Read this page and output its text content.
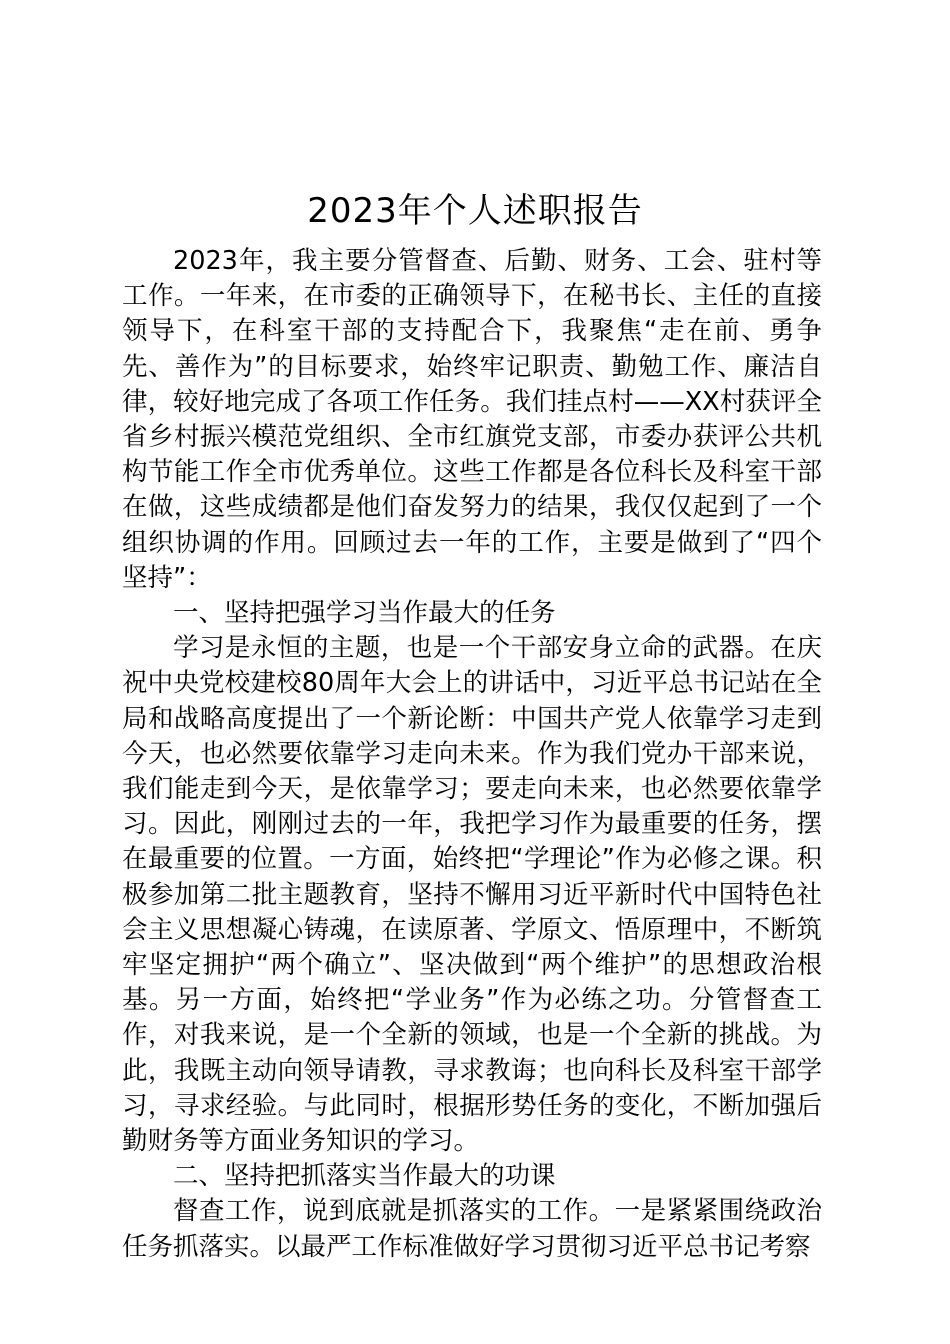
2023年个人述职报告

2023年，我主要分管督查、后勤、财务、工会、驻村等工作。一年来，在市委的正确领导下，在秘书长、主任的直接领导下，在科室干部的支持配合下，我聚焦“走在前、勇争先、善作为”的目标要求，始终牢记职责、勤勉工作、廉洁自律，较好地完成了各项工作任务。我们挂点村——XX村获评全省乡村振兴模范党组织、全市红旗党支部，市委办获评公共机构节能工作全市优秀单位。这些工作都是各位科长及科室干部在做，这些成绩都是他们奋发努力的结果，我仅仅起到了一个组织协调的作用。回顾过去一年的工作，主要是做到了“四个坚持”：

一、坚持把强学习当作最大的任务

学习是永恒的主题，也是一个干部安身立命的武器。在庆祝中央党校建校80周年大会上的讲话中，习近平总书记站在全局和战略高度提出了一个新论断：中国共产党人依靠学习走到今天，也必然要依靠学习走向未来。作为我们党办干部来说，我们能走到今天，是依靠学习；要走向未来，也必然要依靠学习。因此，刚刚过去的一年，我把学习作为最重要的任务，摆在最重要的位置。一方面，始终把“学理论”作为必修之课。积极参加第二批主题教育，坚持不懈用习近平新时代中国特色社会主义思想凝心铸魂，在读原著、学原文、悟原理中，不断筑牢坚定拥护“两个确立”、坚决做到“两个维护”的思想政治根基。另一方面，始终把“学业务”作为必练之功。分管督查工作，对我来说，是一个全新的领域，也是一个全新的挑战。为此，我既主动向领导请教，寻求教诲；也向科长及科室干部学习，寻求经验。与此同时，根据形势任务的变化，不断加强后勤财务等方面业务知识的学习。

二、坚持把抓落实当作最大的功课

督查工作，说到底就是抓落实的工作。一是紧紧围绕政治任务抓落实。以最严工作标准做好学习贯彻习近平总书记考察
